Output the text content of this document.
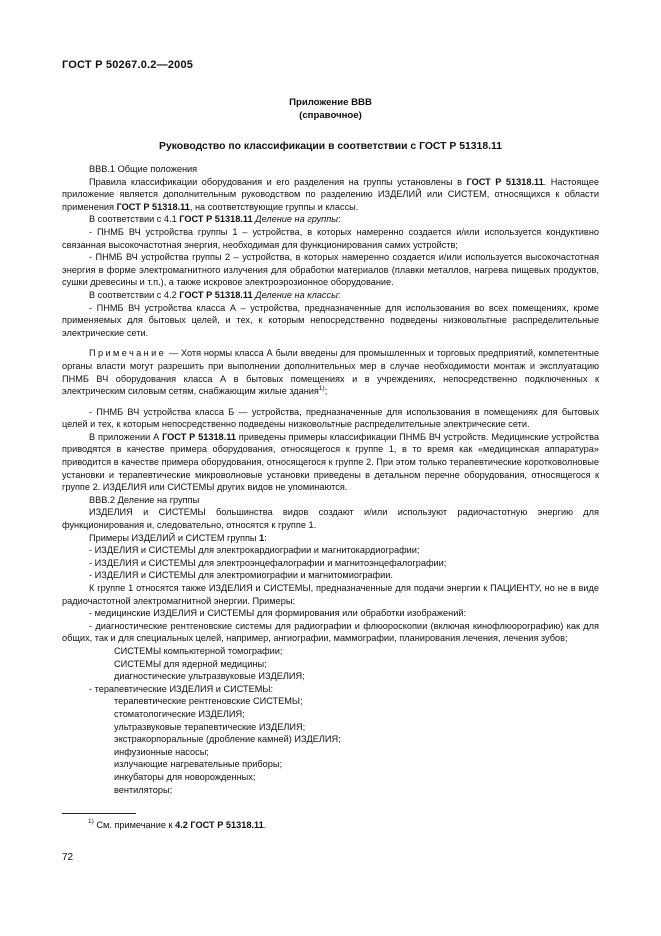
ГОСТ Р 50267.0.2—2005
Приложение ВВВ
(справочное)
Руководство по классификации в соответствии с ГОСТ Р 51318.11

ВВВ.1 Общие положения

Правила классификации оборудования и его разделения на группы установлены в ГОСТ Р 51318.11. Настоящее приложение является дополнительным руководством по разделению ИЗДЕЛИЙ или СИСТЕМ, относящихся к области применения ГОСТ Р 51318.11, на соответствующие группы и классы.

В соответствии с 4.1 ГОСТ Р 51318.11 Деление на группы:

- ПНМБ ВЧ устройства группы 1 – устройства, в которых намеренно создается и/или используется кондуктивно связанная высокочастотная энергия, необходимая для функционирования самих устройств;

- ПНМБ ВЧ устройства группы 2 – устройства, в которых намеренно создается и/или используется высокочастотная энергия в форме электромагнитного излучения для обработки материалов (плавки металлов, нагрева пищевых продуктов, сушки древесины и т.п.), а также искровое электроэрозионное оборудование.

В соответствии с 4.2 ГОСТ Р 51318.11 Деление на классы:

- ПНМБ ВЧ устройства класса А – устройства, предназначенные для использования во всех помещениях, кроме применяемых для бытовых целей, и тех, к которым непосредственно подведены низковольтные распределительные электрические сети.

Примечание — Хотя нормы класса А были введены для промышленных и торговых предприятий, компетентные органы власти могут разрешить при выполнении дополнительных мер в случае необходимости монтаж и эксплуатацию ПНМБ ВЧ оборудования класса А в бытовых помещениях и в учреждениях, непосредственно подключенных к электрическим силовым сетям, снабжающим жилые здания$^{1)}$;

- ПНМБ ВЧ устройства класса Б — устройства, предназначенные для использования в помещениях для бытовых целей и тех, к которым непосредственно подведены низковольтные распределительные электрические сети.

В приложении А ГОСТ Р 51318.11 приведены примеры классификации ПНМБ ВЧ устройств. Медицинские устройства приводятся в качестве примера оборудования, относящегося к группе 1, в то время как «медицинская аппаратура» приводится в качестве примера оборудования, относящегося к группе 2. При этом только терапевтические коротковолновые установки и терапевтические микроволновые установки приведены в детальном перечне оборудования, относящегося к группе 2. ИЗДЕЛИЯ или СИСТЕМЫ других видов не упоминаются.

ВВВ.2 Деление на группы

ИЗДЕЛИЯ и СИСТЕМЫ большинства видов создают и/или используют радиочастотную энергию для функционирования и, следовательно, относятся к группе 1.

Примеры ИЗДЕЛИЙ и СИСТЕМ группы 1:

- ИЗДЕЛИЯ и СИСТЕМЫ для электрокардиографии и магнитокардиографии;

- ИЗДЕЛИЯ и СИСТЕМЫ для электроэнцефалографии и магнитоэнцефалографии;

- ИЗДЕЛИЯ и СИСТЕМЫ для электромиографии и магнитомиографии.

К группе 1 относятся также ИЗДЕЛИЯ и СИСТЕМЫ, предназначенные для подачи энергии к ПАЦИЕНТУ, но не в виде радиочастотной электромагнитной энергии. Примеры:

- медицинские ИЗДЕЛИЯ и СИСТЕМЫ для формирования или обработки изображений:

- диагностические рентгеновские системы для радиографии и флюороскопии (включая кинофлюорографию) как для общих, так и для специальных целей, например, ангиографии, маммографии, планирования лечения, лечения зубов;

СИСТЕМЫ компьютерной томографии;

СИСТЕМЫ для ядерной медицины;

диагностические ультразвуковые ИЗДЕЛИЯ;

- терапевтические ИЗДЕЛИЯ и СИСТЕМЫ:

терапевтические рентгеновские СИСТЕМЫ;

стоматологические ИЗДЕЛИЯ;

ультразвуковые терапевтические ИЗДЕЛИЯ;

экстракорпоральные (дробление камней) ИЗДЕЛИЯ;

инфузионные насосы;

излучающие нагревательные приборы;

инкубаторы для новорожденных;

вентиляторы;

$^{1)}$ См. примечание к 4.2 ГОСТ Р 51318.11.
72
